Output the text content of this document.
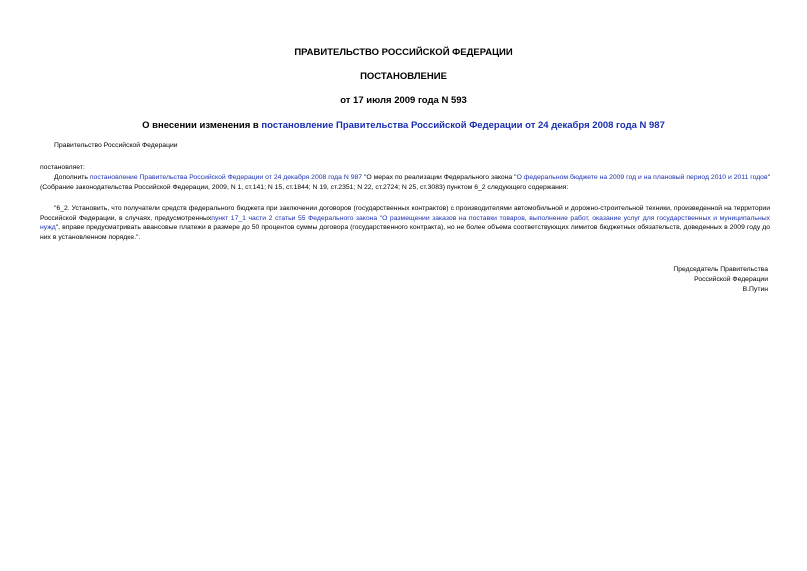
ПРАВИТЕЛЬСТВО РОССИЙСКОЙ ФЕДЕРАЦИИ
ПОСТАНОВЛЕНИЕ
от 17 июля 2009 года N 593
О внесении изменения в постановление Правительства Российской Федерации от 24 декабря 2008 года N 987
Правительство Российской Федерации
постановляет:
Дополнить постановление Правительства Российской Федерации от 24 декабря 2008 года N 987 "О мерах по реализации Федерального закона "О федеральном бюджете на 2009 год и на плановый период 2010 и 2011 годов" (Собрание законодательства Российской Федерации, 2009, N 1, ст.141; N 15, ст.1844; N 19, ст.2351; N 22, ст.2724; N 25, ст.3083) пунктом 6_2 следующего содержания:
"6_2. Установить, что получатели средств федерального бюджета при заключении договоров (государственных контрактов) с производителями автомобильной и дорожно-строительной техники, произведенной на территории Российской Федерации, в случаях, предусмотренныхпункт 17_1 части 2 статьи 55 Федерального закона "О размещении заказов на поставки товаров, выполнение работ, оказание услуг для государственных и муниципальных нужд", вправе предусматривать авансовые платежи в размере до 50 процентов суммы договора (государственного контракта), но не более объема соответствующих лимитов бюджетных обязательств, доведенных в 2009 году до них в установленном порядке.".
Председатель Правительства
Российской Федерации
В.Путин
